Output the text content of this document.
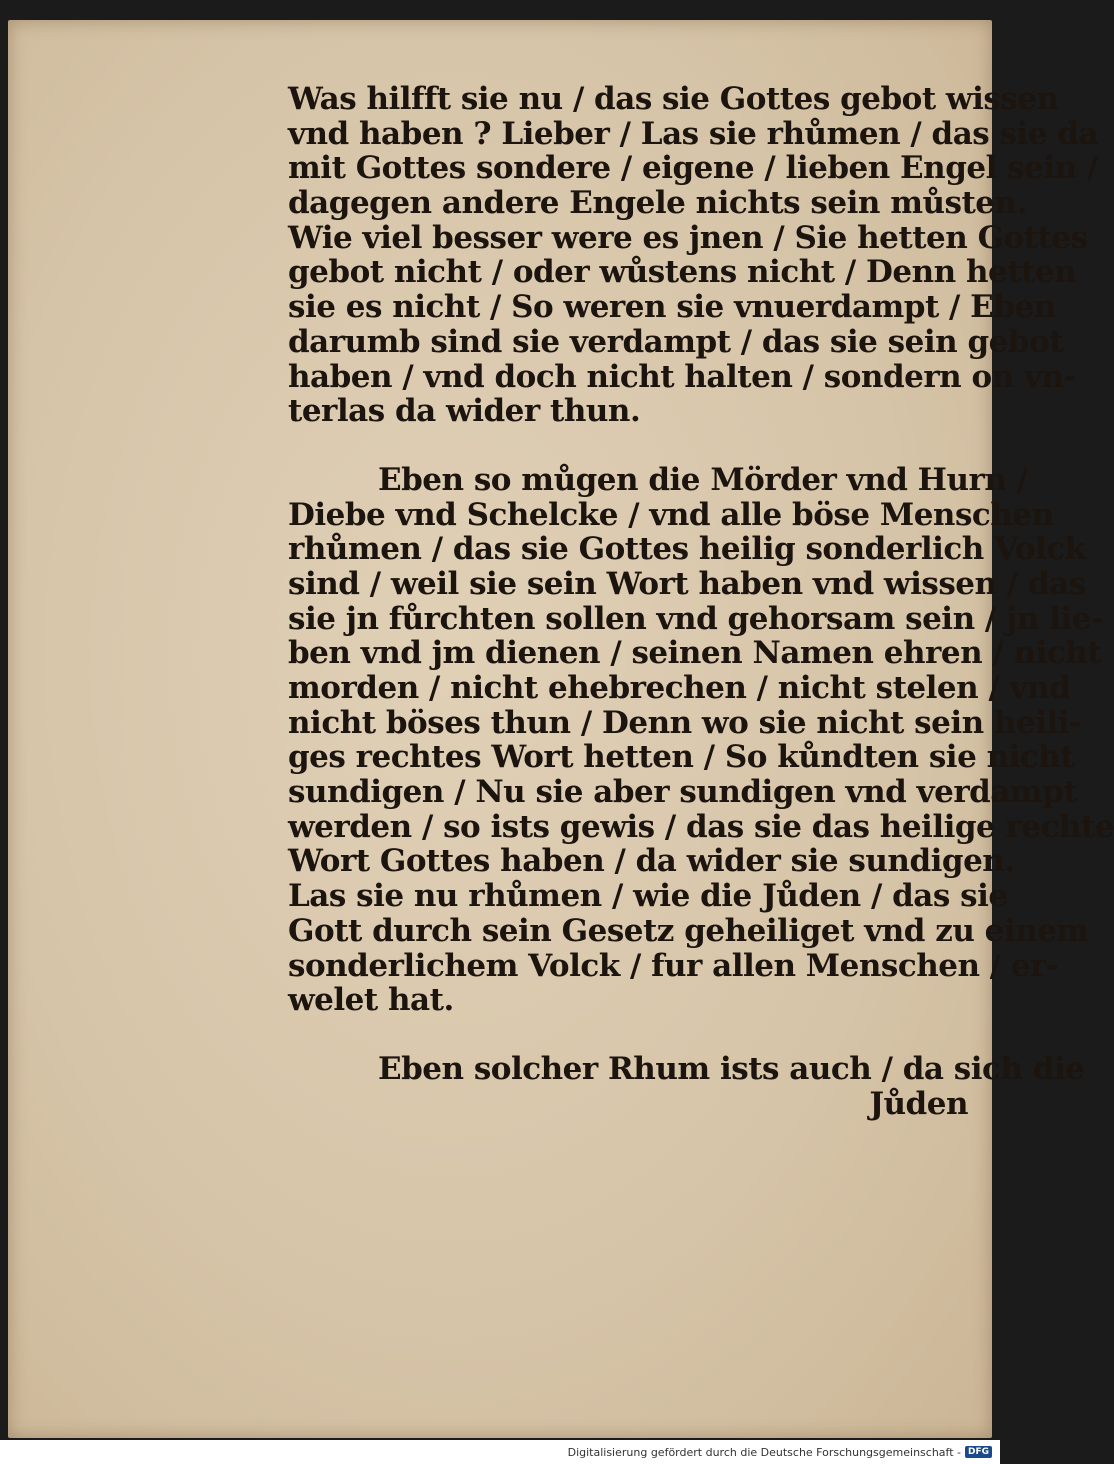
Was hilfft sie nu / das sie Gottes gebot wissen
vnd haben ? Lieber / Las sie rhůmen / das sie da
mit Gottes sondere / eigene / lieben Engel sein /
dagegen andere Engele nichts sein můsten.
Wie viel besser were es jnen / Sie hetten Gottes
gebot nicht / oder wůstens nicht / Denn hetten
sie es nicht / So weren sie vnuerdampt / Eben
darumb sind sie verdampt / das sie sein gebot
haben / vnd doch nicht halten / sondern on vn-
terlas da wider thun.
Eben so můgen die Mörder vnd Hurn /
Diebe vnd Schelcke / vnd alle böse Menschen
rhůmen / das sie Gottes heilig sonderlich Volck
sind / weil sie sein Wort haben vnd wissen / das
sie jn fůrchten sollen vnd gehorsam sein / jn lie-
ben vnd jm dienen / seinen Namen ehren / nicht
morden / nicht ehebrechen / nicht stelen / vnd
nicht böses thun / Denn wo sie nicht sein heili-
ges rechtes Wort hetten / So kůndten sie nicht
sundigen / Nu sie aber sundigen vnd verdampt
werden / so ists gewis / das sie das heilige rechte
Wort Gottes haben / da wider sie sundigen.
Las sie nu rhůmen / wie die Jůden / das sie
Gott durch sein Gesetz geheiliget vnd zu einem
sonderlichem Volck / fur allen Menschen / er-
welet hat.
Eben solcher Rhum ists auch / da sich die
Jůden
Digitalisierung gefördert durch die Deutsche Forschungsgemeinschaft - DFG
